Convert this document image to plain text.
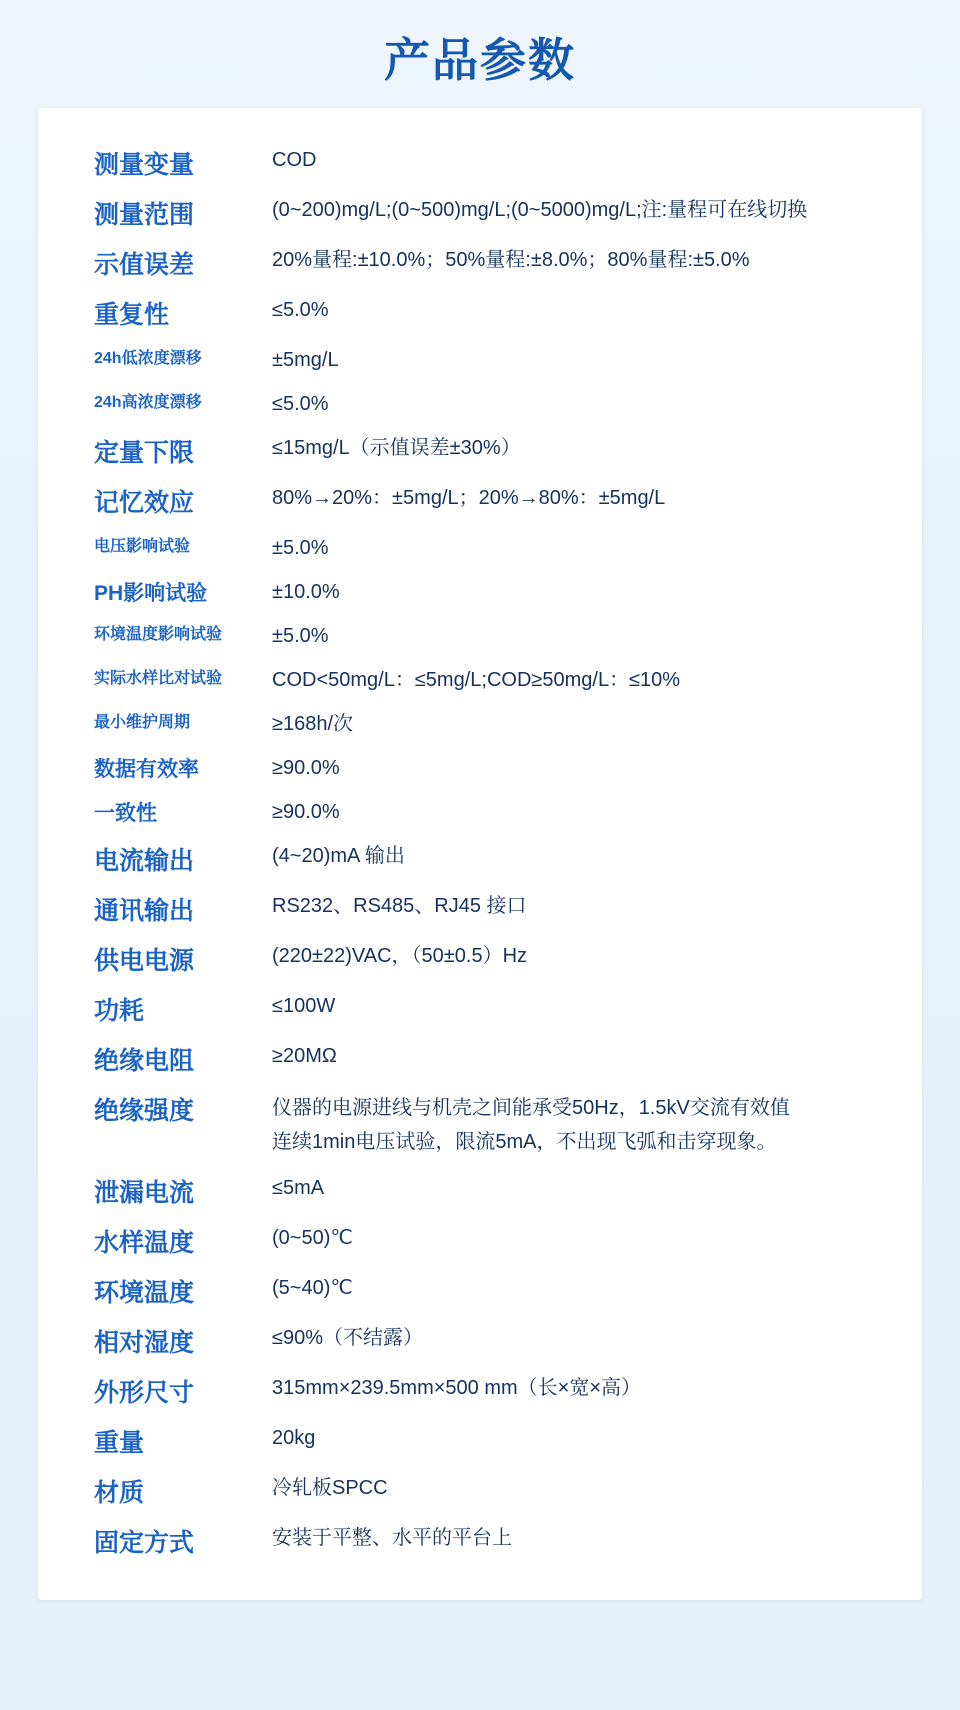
产品参数
测量变量	COD
测量范围	(0~200)mg/L;(0~500)mg/L;(0~5000)mg/L;注:量程可在线切换
示值误差	20%量程:±10.0%；50%量程:±8.0%；80%量程:±5.0%
重复性	≤5.0%
24h低浓度漂移	±5mg/L
24h高浓度漂移	≤5.0%
定量下限	≤15mg/L（示值误差±30%）
记忆效应	80%→20%：±5mg/L；20%→80%：±5mg/L
电压影响试验	±5.0%
PH影响试验	±10.0%
环境温度影响试验	±5.0%
实际水样比对试验	COD<50mg/L：≤5mg/L;COD≥50mg/L：≤10%
最小维护周期	≥168h/次
数据有效率	≥90.0%
一致性	≥90.0%
电流输出	(4~20)mA 输出
通讯输出	RS232、RS485、RJ45 接口
供电电源	(220±22)VAC，（50±0.5）Hz
功耗	≤100W
绝缘电阻	≥20MΩ
绝缘强度	仪器的电源进线与机壳之间能承受50Hz，1.5kV交流有效值
连续1min电压试验，限流5mA，不出现飞弧和击穿现象。

泄漏电流	≤5mA
水样温度	(0~50)℃
环境温度	(5~40)℃
相对湿度	≤90%（不结露）
外形尺寸	315mm×239.5mm×500 mm（长×宽×高）
重量	20kg
材质	冷轧板SPCC
固定方式	安装于平整、水平的平台上
